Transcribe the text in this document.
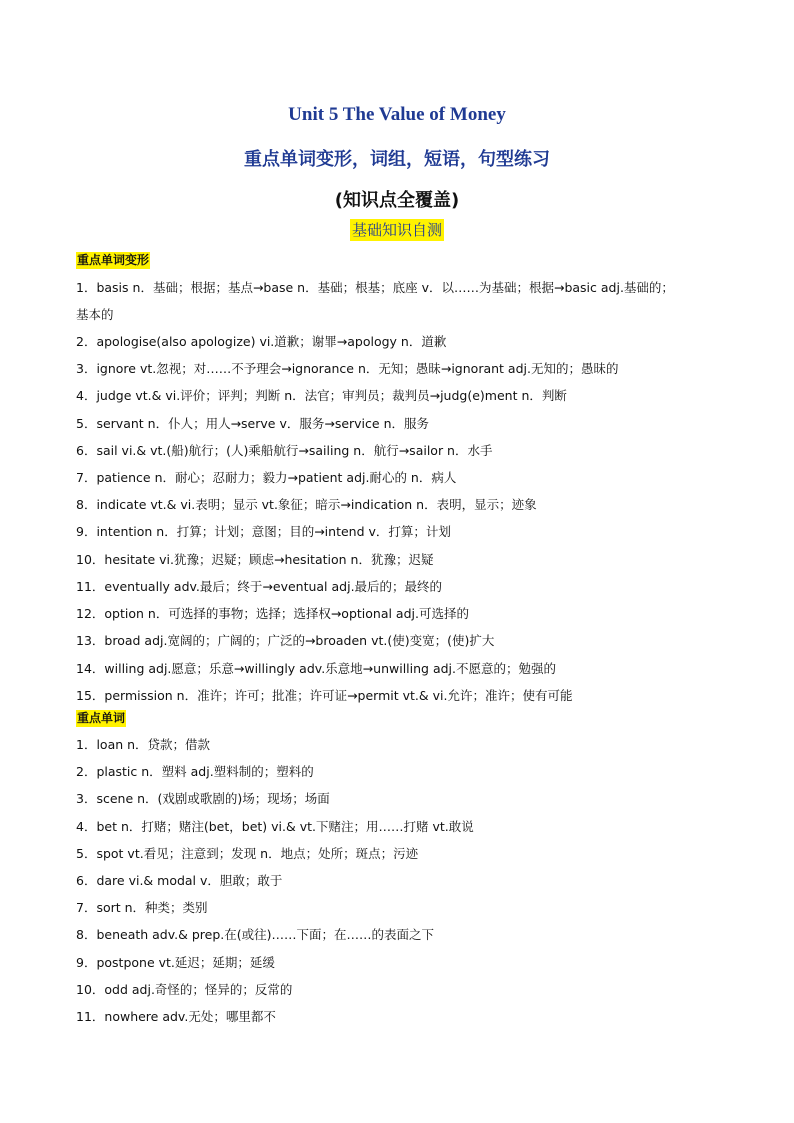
Unit 5 The Value of Money
重点单词变形，词组，短语，句型练习
(知识点全覆盖)
基础知识自测
重点单词变形
1．basis n．基础；根据；基点→base n．基础；根基；底座 v．以……为基础；根据→basic adj.基础的；
基本的
2．apologise(also apologize) vi.道歉；谢罪→apology n．道歉
3．ignore vt.忽视；对……不予理会→ignorance n．无知；愚昧→ignorant adj.无知的；愚昧的
4．judge vt.& vi.评价；评判；判断 n．法官；审判员；裁判员→judg(e)ment n．判断
5．servant n．仆人；用人→serve v．服务→service n．服务
6．sail vi.& vt.(船)航行；(人)乘船航行→sailing n．航行→sailor n．水手
7．patience n．耐心；忍耐力；毅力→patient adj.耐心的 n．病人
8．indicate vt.& vi.表明；显示 vt.象征；暗示→indication n．表明，显示；迹象
9．intention n．打算；计划；意图；目的→intend v．打算；计划
10．hesitate vi.犹豫；迟疑；顾虑→hesitation n．犹豫；迟疑
11．eventually adv.最后；终于→eventual adj.最后的；最终的
12．option n．可选择的事物；选择；选择权→optional adj.可选择的
13．broad adj.宽阔的；广阔的；广泛的→broaden vt.(使)变宽；(使)扩大
14．willing adj.愿意；乐意→willingly adv.乐意地→unwilling adj.不愿意的；勉强的
15．permission n．准许；许可；批准；许可证→permit vt.& vi.允许；准许；使有可能
重点单词
1．loan n．贷款；借款
2．plastic n．塑料 adj.塑料制的；塑料的
3．scene n．(戏剧或歌剧的)场；现场；场面
4．bet n．打赌；赌注(bet，bet) vi.& vt.下赌注；用……打赌 vt.敢说
5．spot vt.看见；注意到；发现 n．地点；处所；斑点；污迹
6．dare vi.& modal v．胆敢；敢于
7．sort n．种类；类别
8．beneath adv.& prep.在(或往)……下面；在……的表面之下
9．postpone vt.延迟；延期；延缓
10．odd adj.奇怪的；怪异的；反常的
11．nowhere adv.无处；哪里都不
